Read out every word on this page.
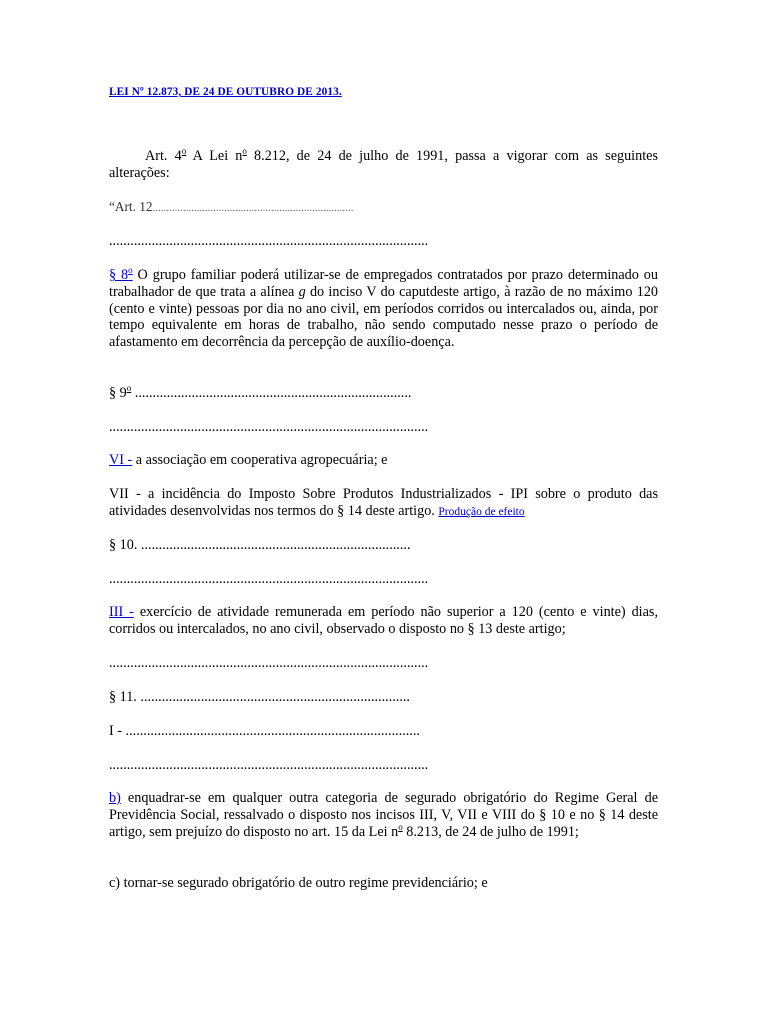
LEI Nº 12.873, DE 24 DE OUTUBRO DE 2013.
Art. 4$^o$ A Lei $n^o$ 8.212, de 24 de julho de 1991, passa a vigorar com as seguintes alterações:
“Art. 12.........................................................................
..........................................................................................
§ 8$^o$ O grupo familiar poderá utilizar-se de empregados contratados por prazo determinado ou trabalhador de que trata a alínea g do inciso V do caputdeste artigo, à razão de no máximo 120 (cento e vinte) pessoas por dia no ano civil, em períodos corridos ou intercalados ou, ainda, por tempo equivalente em horas de trabalho, não sendo computado nesse prazo o período de afastamento em decorrência da percepção de auxílio-doença.
§ 9$^o$ ..............................................................................
..........................................................................................
VI - a associação em cooperativa agropecuária; e
VII - a incidência do Imposto Sobre Produtos Industrializados - IPI sobre o produto das atividades desenvolvidas nos termos do § 14 deste artigo. Produção de efeito
§ 10. ............................................................................
..........................................................................................
III - exercício de atividade remunerada em período não superior a 120 (cento e vinte) dias, corridos ou intercalados, no ano civil, observado o disposto no § 13 deste artigo;
..........................................................................................
§ 11. ............................................................................
I - ...................................................................................
..........................................................................................
b) enquadrar-se em qualquer outra categoria de segurado obrigatório do Regime Geral de Previdência Social, ressalvado o disposto nos incisos III, V, VII e VIII do § 10 e no § 14 deste artigo, sem prejuízo do disposto no art. 15 da Lei $n^o$ 8.213, de 24 de julho de 1991;
c) tornar-se segurado obrigatório de outro regime previdenciário; e
